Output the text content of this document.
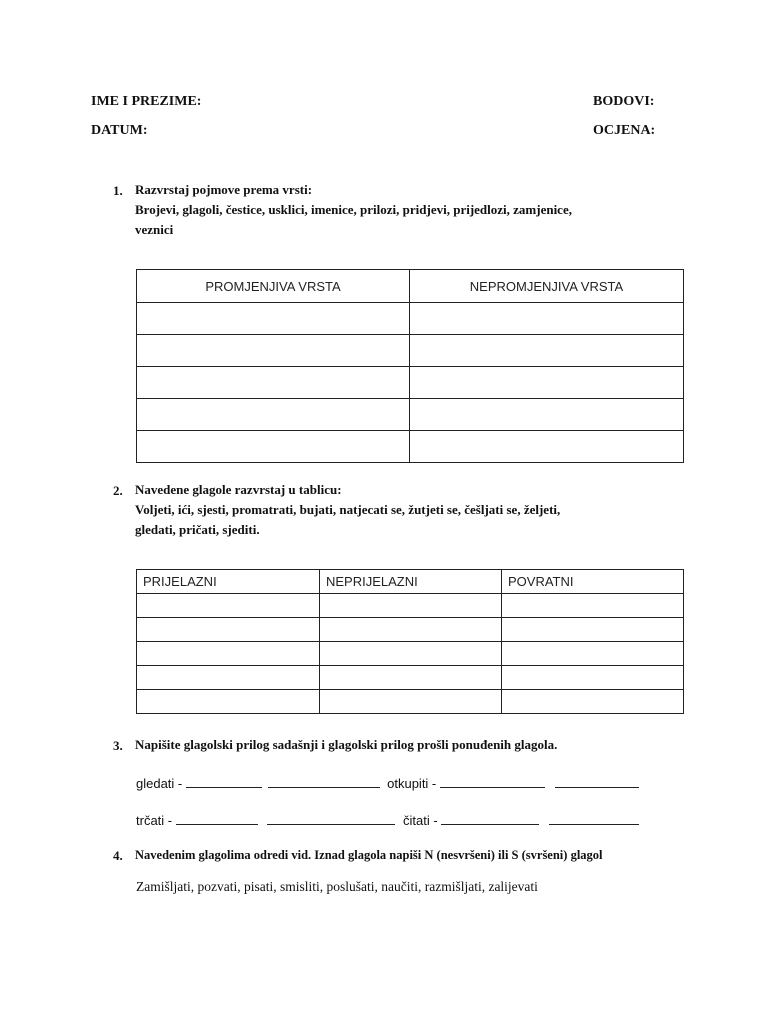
IME I PREZIME:	BODOVI:
DATUM:	OCJENA:
1. Razvrstaj pojmove prema vrsti:
Brojevi, glagoli, čestice, usklici, imenice, prilozi, pridjevi, prijedlozi, zamjenice,
veznici
PROMJENJIVA VRSTA	NEPROMJENJIVA VRSTA

2. Navedene glagole razvrstaj u tablicu:
Voljeti, ići, sjesti, promatrati, bujati, natjecati se, žutjeti se, češljati se, željeti,
gledati, pričati, sjediti.
PRIJELAZNI	NEPRIJELAZNI	POVRATNI

3. Napišite glagolski prilog sadašnji i glagolski prilog prošli ponuđenih glagola.
gledati -	otkupiti -
trčati -	čitati -
4. Navedenim glagolima odredi vid. Iznad glagola napiši N (nesvršeni) ili S (svršeni) glagol
Zamišljati, pozvati, pisati, smisliti, poslušati, naučiti, razmišljati, zalijevati
